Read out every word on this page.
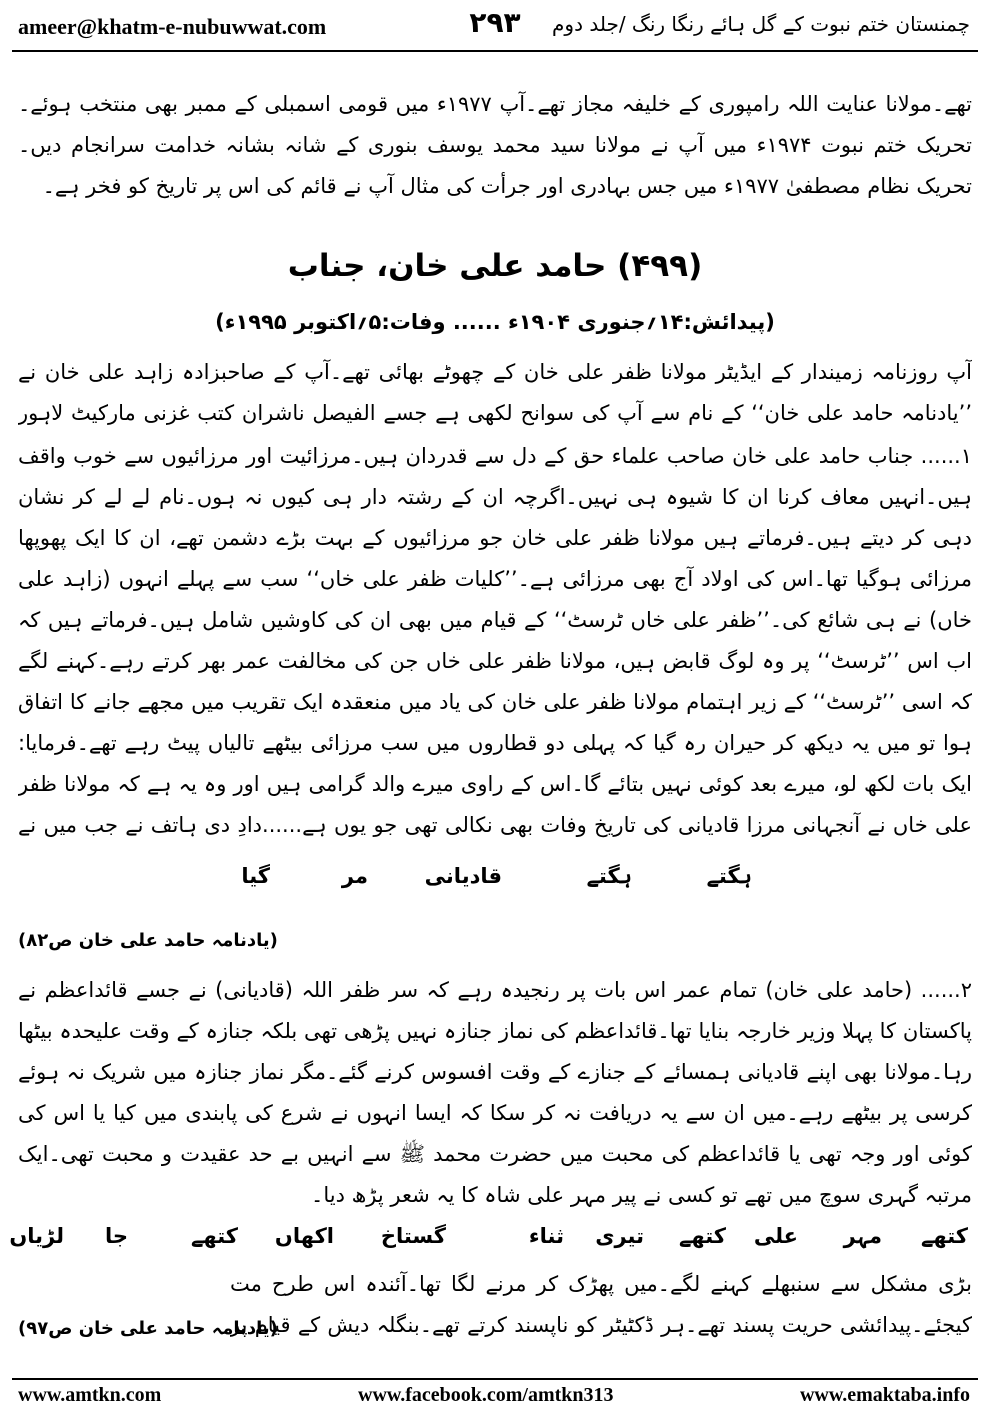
ameer@khatm-e-nubuwwat.com	۲۹۳	چمنستان ختم نبوت کے گل ہائے رنگا رنگ /جلد دوم
تھے۔مولانا عنایت اللہ رامپوری کے خلیفہ مجاز تھے۔آپ ۱۹۷۷ء میں قومی اسمبلی کے ممبر بھی منتخب ہوئے۔تحریک ختم نبوت ۱۹۷۴ء میں آپ نے مولانا سید محمد یوسف بنوری کے شانہ بشانہ خدامت سرانجام دیں۔تحریک نظام مصطفیٰ ۱۹۷۷ء میں جس بہادری اور جرأت کی مثال آپ نے قائم کی اس پر تاریخ کو فخر ہے۔
(۴۹۹) حامد علی خان، جناب
(پیدائش:۱۴؍جنوری ۱۹۰۴ء ...... وفات:۵؍اکتوبر ۱۹۹۵ء)
آپ روزنامہ زمیندار کے ایڈیٹر مولانا ظفر علی خان کے چھوٹے بھائی تھے۔آپ کے صاحبزادہ زاہد علی خان نے ’’یادنامہ حامد علی خان‘‘ کے نام سے آپ کی سوانح لکھی ہے جسے الفیصل ناشران کتب غزنی مارکیٹ لاہور
۱...... جناب حامد علی خان صاحب علماء حق کے دل سے قدردان ہیں۔مرزائیت اور مرزائیوں سے خوب واقف ہیں۔انہیں معاف کرنا ان کا شیوہ ہی نہیں۔اگرچہ ان کے رشتہ دار ہی کیوں نہ ہوں۔نام لے لے کر نشان دہی کر دیتے ہیں۔فرماتے ہیں مولانا ظفر علی خان جو مرزائیوں کے بہت بڑے دشمن تھے، ان کا ایک پھوپھا مرزائی ہوگیا تھا۔اس کی اولاد آج بھی مرزائی ہے۔’’کلیات ظفر علی خاں‘‘ سب سے پہلے انہوں (زاہد علی خاں) نے ہی شائع کی۔’’ظفر علی خاں ٹرسٹ‘‘ کے قیام میں بھی ان کی کاوشیں شامل ہیں۔فرماتے ہیں کہ اب اس ’’ٹرسٹ‘‘ پر وہ لوگ قابض ہیں، مولانا ظفر علی خاں جن کی مخالفت عمر بھر کرتے رہے۔کہنے لگے کہ اسی ’’ٹرسٹ‘‘ کے زیر اہتمام مولانا ظفر علی خان کی یاد میں منعقدہ ایک تقریب میں مجھے جانے کا اتفاق ہوا تو میں یہ دیکھ کر حیران رہ گیا کہ پہلی دو قطاروں میں سب مرزائی بیٹھے تالیاں پیٹ رہے تھے۔فرمایا: ایک بات لکھ لو، میرے بعد کوئی نہیں بتائے گا۔اس کے راوی میرے والد گرامی ہیں اور وہ یہ ہے کہ مولانا ظفر علی خاں نے آنجہانی مرزا قادیانی کی تاریخ وفات بھی نکالی تھی جو یوں ہے......دادِ دی ہاتف نے جب میں نے
ہگتے
ہگتے
قادیانی
مر
گیا
(یادنامہ حامد علی خان ص۸۲)
۲...... (حامد علی خان) تمام عمر اس بات پر رنجیدہ رہے کہ سر ظفر اللہ (قادیانی) نے جسے قائداعظم نے پاکستان کا پہلا وزیر خارجہ بنایا تھا۔قائداعظم کی نماز جنازہ نہیں پڑھی تھی بلکہ جنازہ کے وقت علیحدہ بیٹھا رہا۔مولانا بھی اپنے قادیانی ہمسائے کے جنازے کے وقت افسوس کرنے گئے۔مگر نماز جنازہ میں شریک نہ ہوئے کرسی پر بیٹھے رہے۔میں ان سے یہ دریافت نہ کر سکا کہ ایسا انہوں نے شرع کی پابندی میں کیا یا اس کی کوئی اور وجہ تھی یا قائداعظم کی محبت میں حضرت محمد ﷺ سے انہیں بے حد عقیدت و محبت تھی۔ایک مرتبہ گہری سوچ میں تھے تو کسی نے پیر مہر علی شاہ کا یہ شعر پڑھ دیا۔
کتھے
مہر
علی
کتھے
تیری
ثناء
گستاخ
اکھاں
کتھے
جا
لڑیاں
بڑی مشکل سے سنبھلے کہنے لگے۔میں پھڑک کر مرنے لگا تھا۔آئندہ اس طرح مت کیجئے۔پیدائشی حریت پسند تھے۔ہر ڈکٹیٹر کو ناپسند کرتے تھے۔بنگلہ دیش کے قیام پر
(یادنامہ حامد علی خان ص۹۷)
www.amtkn.com	www.facebook.com/amtkn313	www.emaktaba.info
